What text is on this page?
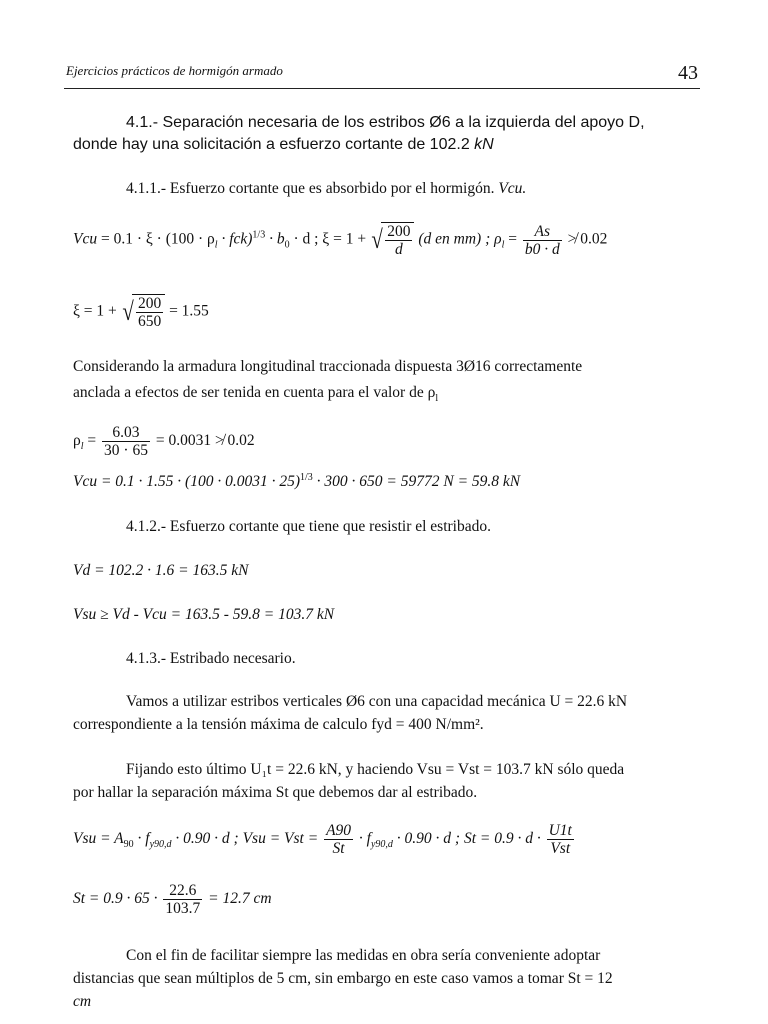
Ejercicios prácticos de hormigón armado	43
4.1.- Separación necesaria de los estribos Ø6 a la izquierda del apoyo D,
donde hay una solicitación a esfuerzo cortante de 102.2 kN
4.1.1.- Esfuerzo cortante que es absorbido por el hormigón. Vcu.
Vcu = $0.1 \cdot \xi \cdot (100 \cdot \rho_l \cdot fck)^{1/3} \cdot b_0 \cdot d$ ; ξ = 1 + √ $\frac{200}{d} (d$ en mm) ; $\rho_l = \frac{As}{b0 \cdot d}$ ≯ 0.02
ξ = 1 + √ $\frac{200}{650} = 1.55$
Considerando la armadura longitudinal traccionada dispuesta 3Ø16 correctamente
anclada a efectos de ser tenida en cuenta para el valor de $\rho_l$
$\rho_l = \frac{6.03}{30 \cdot 65} = 0.0031$ ≯ 0.02
Vcu = $0.1 \cdot 1.55 \cdot (100 \cdot 0.0031 \cdot 25)^{1/3} \cdot 300 \cdot 650 = 59772$ N = 59.8 kN
4.1.2.- Esfuerzo cortante que tiene que resistir el estribado.
Vd = 102.2 · 1.6 = 163.5 kN
Vsu ≥ Vd - Vcu = 163.5 - 59.8 = 103.7 kN
4.1.3.- Estribado necesario.
Vamos a utilizar estribos verticales Ø6 con una capacidad mecánica U = 22.6 kN
correspondiente a la tensión máxima de calculo fyd = 400 N/mm².
Fijando esto último U₁t = 22.6 kN, y haciendo Vsu = Vst = 103.7 kN sólo queda
por hallar la separación máxima St que debemos dar al estribado.
Vsu = $A_{90} \cdot f_{y90,d} \cdot 0.90 \cdot d$ ; Vsu = Vst = $\frac{A90}{St} \cdot f_{y90,d} \cdot 0.90 \cdot d$ ; $St = 0.9 \cdot d \cdot \frac{U1t}{\text{Vst}}$
$St = 0.9 \cdot 65 \cdot \frac{22.6}{103.7} = 12.7$ cm
Con el fin de facilitar siempre las medidas en obra sería conveniente adoptar
distancias que sean múltiplos de 5 cm, sin embargo en este caso vamos a tomar St = 12
cm
